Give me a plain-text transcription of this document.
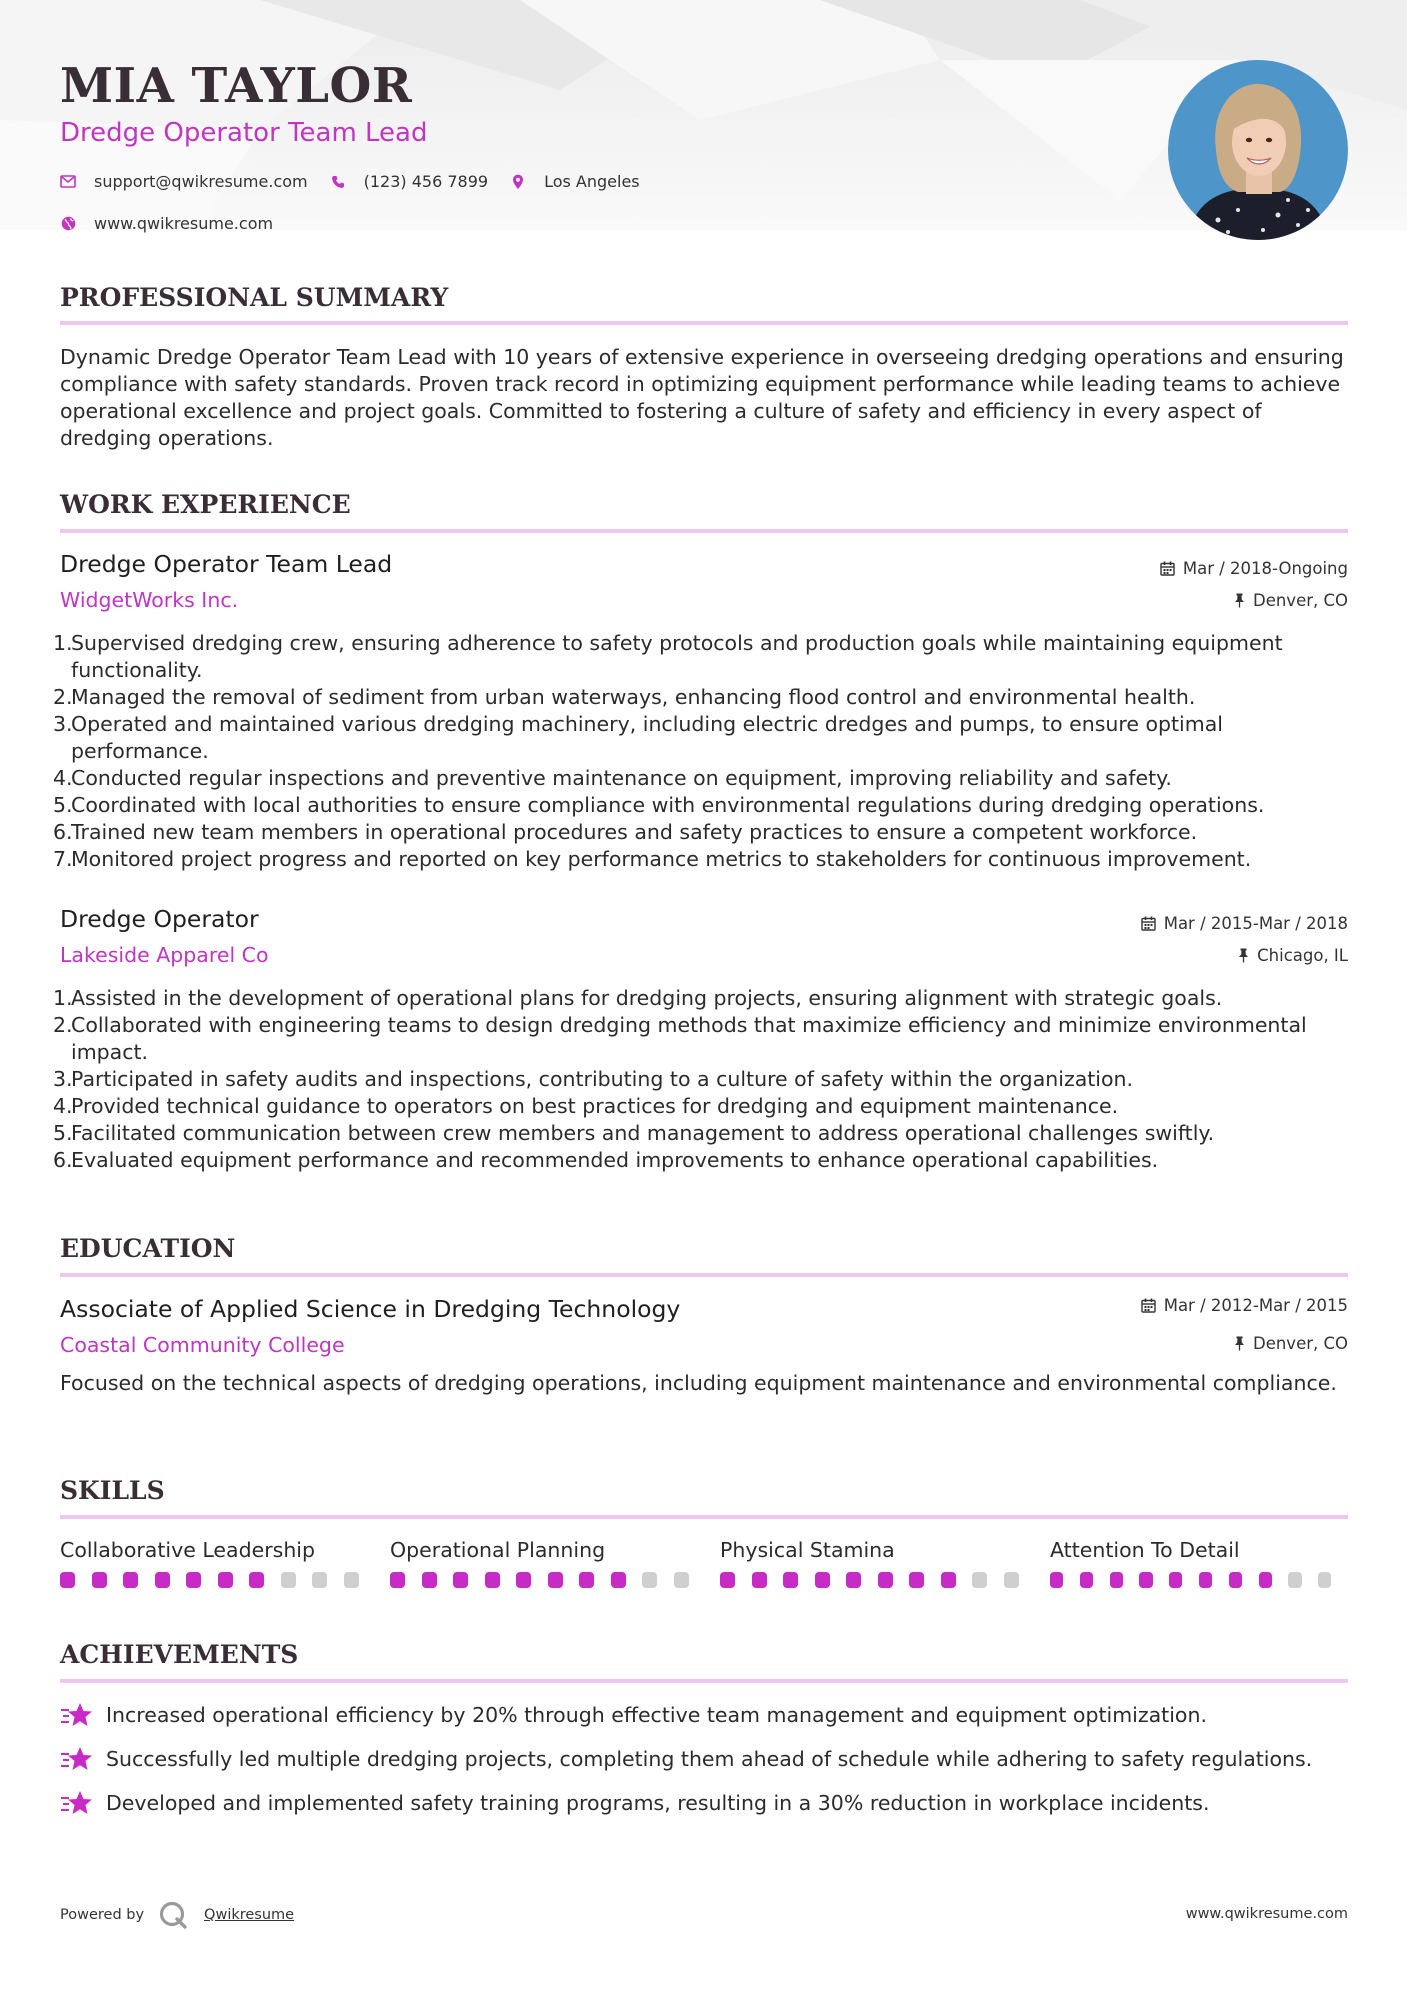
MIA TAYLOR
Dredge Operator Team Lead
support@qwikresume.com	(123) 456 7899	Los Angeles
www.qwikresume.com
PROFESSIONAL SUMMARY
Dynamic Dredge Operator Team Lead with 10 years of extensive experience in overseeing dredging operations and ensuring compliance with safety standards. Proven track record in optimizing equipment performance while leading teams to achieve operational excellence and project goals. Committed to fostering a culture of safety and efficiency in every aspect of dredging operations.
WORK EXPERIENCE
Dredge Operator Team Lead	Mar / 2018-Ongoing
WidgetWorks Inc.	Denver, CO
1.
Supervised dredging crew, ensuring adherence to safety protocols and production goals while maintaining equipment functionality.
2.
Managed the removal of sediment from urban waterways, enhancing flood control and environmental health.
3.
Operated and maintained various dredging machinery, including electric dredges and pumps, to ensure optimal performance.
4.
Conducted regular inspections and preventive maintenance on equipment, improving reliability and safety.
5.
Coordinated with local authorities to ensure compliance with environmental regulations during dredging operations.
6.
Trained new team members in operational procedures and safety practices to ensure a competent workforce.
7.
Monitored project progress and reported on key performance metrics to stakeholders for continuous improvement.
Dredge Operator	Mar / 2015-Mar / 2018
Lakeside Apparel Co	Chicago, IL
1.
Assisted in the development of operational plans for dredging projects, ensuring alignment with strategic goals.
2.
Collaborated with engineering teams to design dredging methods that maximize efficiency and minimize environmental impact.
3.
Participated in safety audits and inspections, contributing to a culture of safety within the organization.
4.
Provided technical guidance to operators on best practices for dredging and equipment maintenance.
5.
Facilitated communication between crew members and management to address operational challenges swiftly.
6.
Evaluated equipment performance and recommended improvements to enhance operational capabilities.
EDUCATION
Associate of Applied Science in Dredging Technology	Mar / 2012-Mar / 2015
Coastal Community College	Denver, CO
Focused on the technical aspects of dredging operations, including equipment maintenance and environmental compliance.
SKILLS
Collaborative Leadership	Operational Planning	Physical Stamina	Attention To Detail
ACHIEVEMENTS
Increased operational efficiency by 20% through effective team management and equipment optimization.
Successfully led multiple dredging projects, completing them ahead of schedule while adhering to safety regulations.
Developed and implemented safety training programs, resulting in a 30% reduction in workplace incidents.
Powered by	Qwikresume	www.qwikresume.com
